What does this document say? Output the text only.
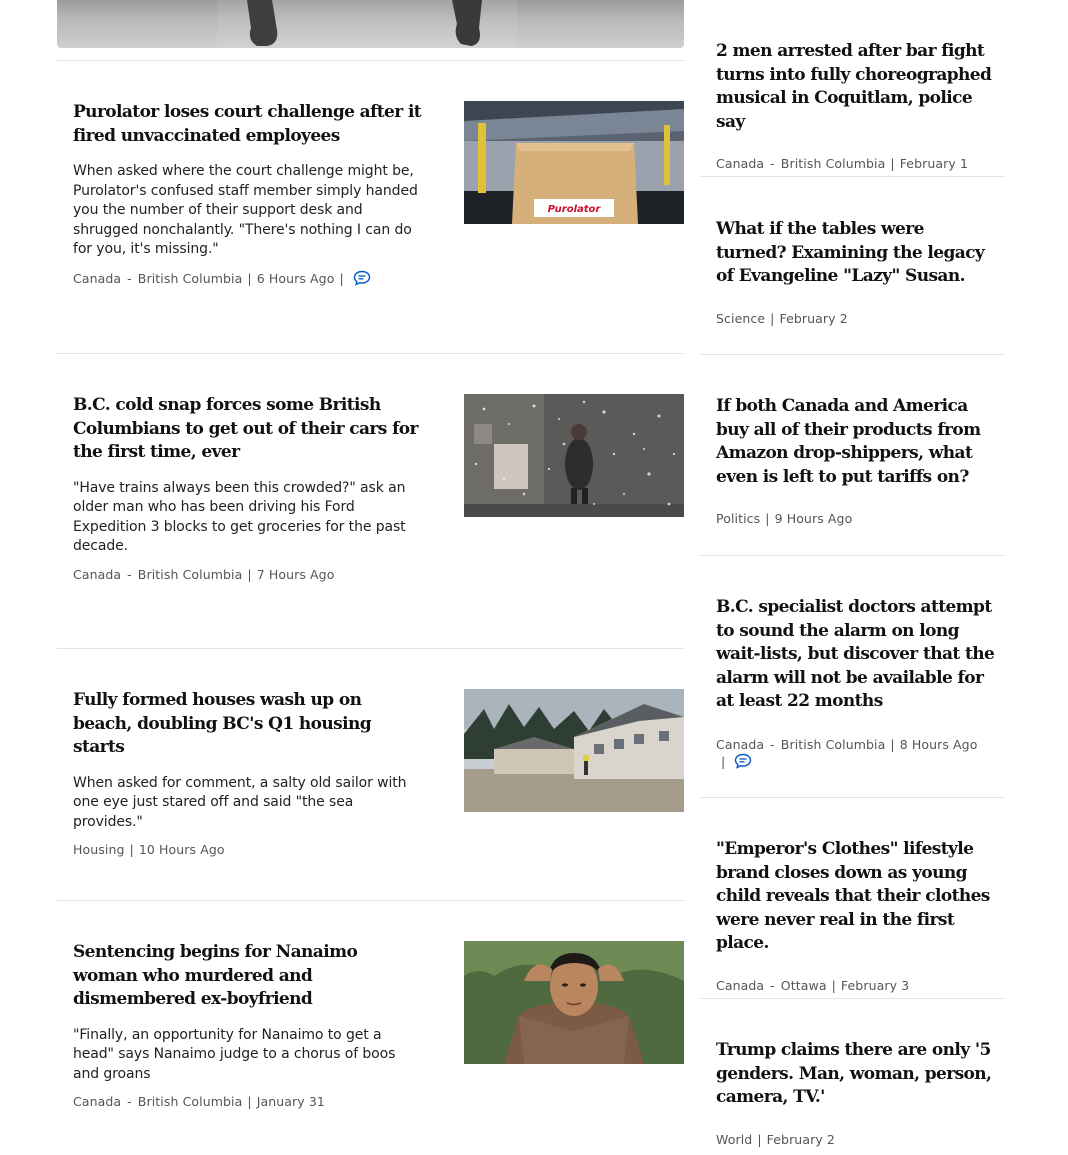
Purolator loses court challenge after it fired unvaccinated employees

When asked where the court challenge might be, Purolator's confused staff member simply handed you the number of their support desk and shrugged nonchalantly. "There's nothing I can do for you, it's missing."

Canada - British Columbia | 6 Hours Ago |
Purolator
B.C. cold snap forces some British Columbians to get out of their cars for the first time, ever

"Have trains always been this crowded?" ask an older man who has been driving his Ford Expedition 3 blocks to get groceries for the past decade.

Canada - British Columbia | 7 Hours Ago
Fully formed houses wash up on beach, doubling BC's Q1 housing starts

When asked for comment, a salty old sailor with one eye just stared off and said "the sea provides."

Housing | 10 Hours Ago
Sentencing begins for Nanaimo woman who murdered and dismembered ex-boyfriend

"Finally, an opportunity for Nanaimo to get a head" says Nanaimo judge to a chorus of boos and groans

Canada - British Columbia | January 31
2 men arrested after bar fight turns into fully choreographed musical in Coquitlam, police say
Canada - British Columbia | February 1
What if the tables were turned? Examining the legacy of Evangeline "Lazy" Susan.
Science | February 2
If both Canada and America buy all of their products from Amazon drop-shippers, what even is left to put tariffs on?
Politics | 9 Hours Ago
B.C. specialist doctors attempt to sound the alarm on long wait-lists, but discover that the alarm will not be available for at least 22 months
Canada - British Columbia | 8 Hours Ago
|
"Emperor's Clothes" lifestyle brand closes down as young child reveals that their clothes were never real in the first place.
Canada - Ottawa | February 3
Trump claims there are only '5 genders. Man, woman, person, camera, TV.'
World | February 2
